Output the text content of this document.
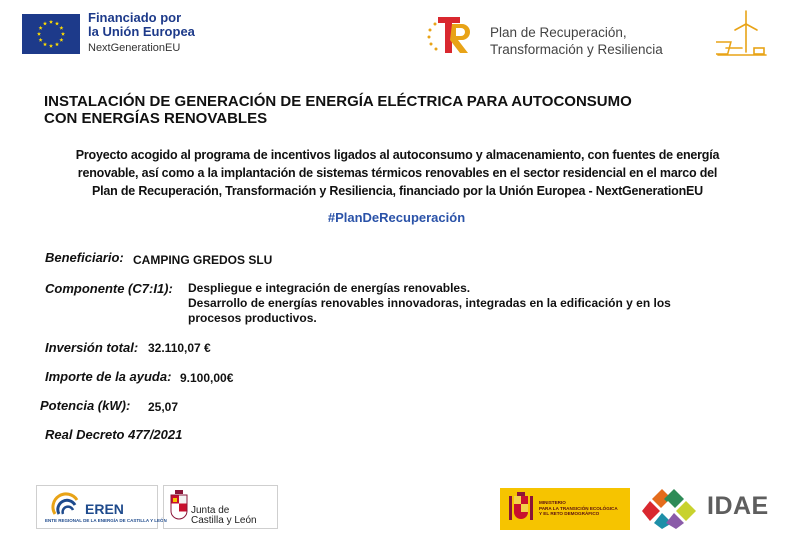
Financiado por
la Unión Europea
NextGenerationEU
Plan de Recuperación,
Transformación y Resiliencia
INSTALACIÓN DE GENERACIÓN DE ENERGÍA ELÉCTRICA PARA AUTOCONSUMO
CON ENERGÍAS RENOVABLES
Proyecto acogido al programa de incentivos ligados al autoconsumo y almacenamiento, con fuentes de energía
renovable, así como a la implantación de sistemas térmicos renovables en el sector residencial en el marco del
Plan de Recuperación, Transformación y Resiliencia, financiado por la Unión Europea - NextGenerationEU
#PlanDeRecuperación
Beneficiario: CAMPING GREDOS SLU
Componente (C7:I1): Despliegue e integración de energías renovables.
Desarrollo de energías renovables innovadoras, integradas en la edificación y en los
procesos productivos.
Inversión total: 32.110,07 €
Importe de la ayuda: 9.100,00€
Potencia (kW): 25,07
Real Decreto 477/2021
EREN
ENTE REGIONAL DE LA ENERGÍA DE CASTILLA Y LEÓN
Junta de
Castilla y León
MINISTERIO
PARA LA TRANSICIÓN ECOLÓGICA
Y EL RETO DEMOGRÁFICO	IDAE
